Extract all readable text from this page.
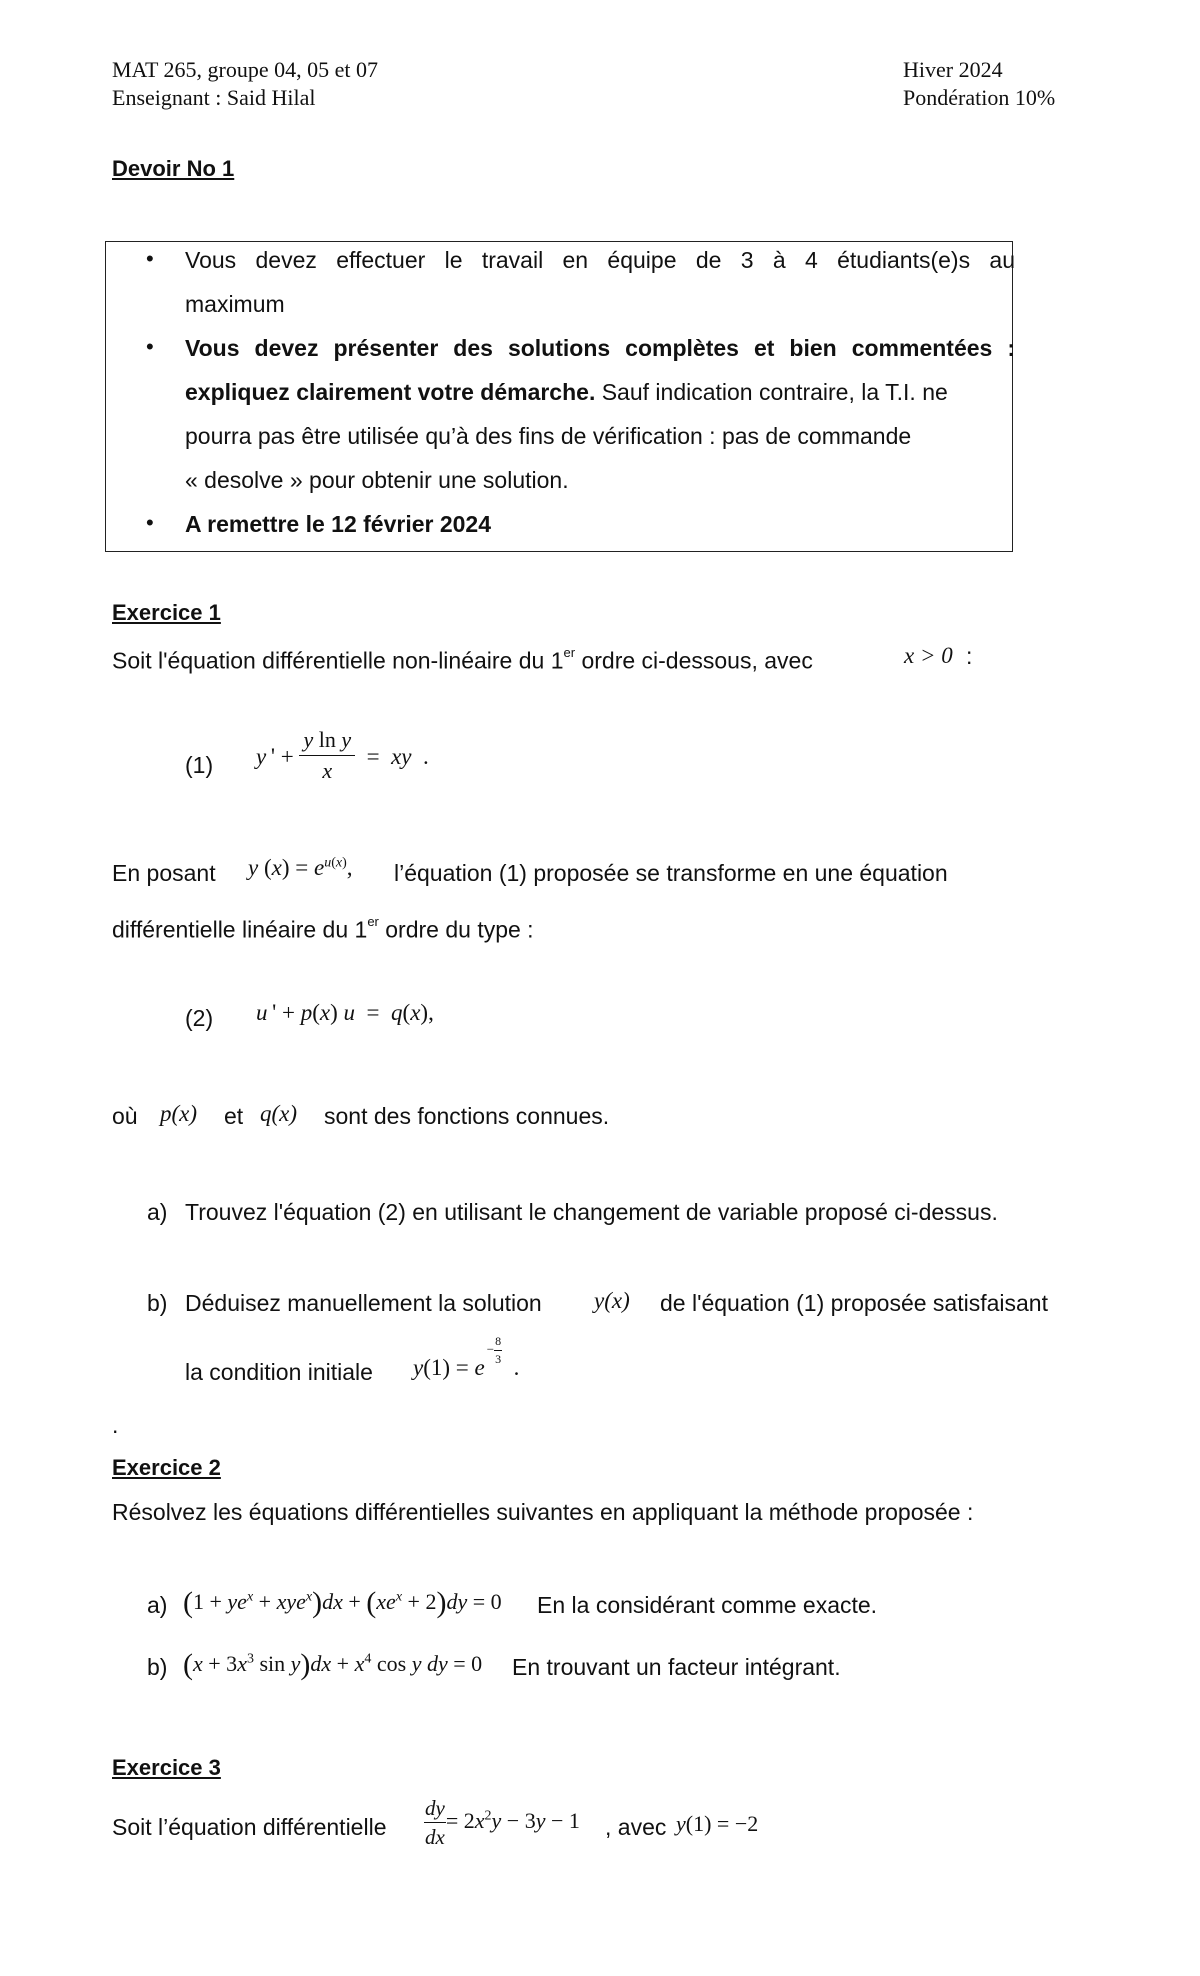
MAT 265, groupe 04, 05 et 07
Enseignant : Said Hilal
Hiver 2024
Pondération 10%
Devoir No 1
• Vous devez effectuer le travail en équipe de 3 à 4 étudiants(e)s au
maximum
• Vous devez présenter des solutions complètes et bien commentées :
expliquez clairement votre démarche. Sauf indication contraire, la T.I. ne
pourra pas être utilisée qu’à des fins de vérification : pas de commande
« desolve » pour obtenir une solution.
• A remettre le 12 février 2024
Exercice 1
Soit l'équation différentielle non-linéaire du 1er ordre ci-dessous, avec	x > 0 :
(1) y ' + $\frac{\text{y ln y}}{x}$ =  xy  .
En posant y $(x) = e^{u(x)}$, l’équation (1) proposée se transforme en une équation
différentielle linéaire du 1er ordre du type :
(2) u ' + p(x) u  =  q(x),
où p(x) et q(x) sont des fonctions connues.
a) Trouvez l'équation (2) en utilisant le changement de variable proposé ci-dessus.
b) Déduisez manuellement la solution y(x) de l'équation (1) proposée satisfaisant
la condition initiale $y(1) = e- \frac{8}{3}$
.
.
Exercice 2
Résolvez les équations différentielles suivantes en appliquant la méthode proposée :
a) $(1 + ye^x + xye^x)dx + (xe^x + 2)dy = 0$ En la considérant comme exacte.
b) ($x + 3x^3$ $\sin y)dx + x^4$ cos y dy = 0 En trouvant un facteur intégrant.
Exercice 3
Soit l’équation différentielle $\frac{dy}{dx} = 2x^2y - 3y - 1$ , avec y(1) = −2
